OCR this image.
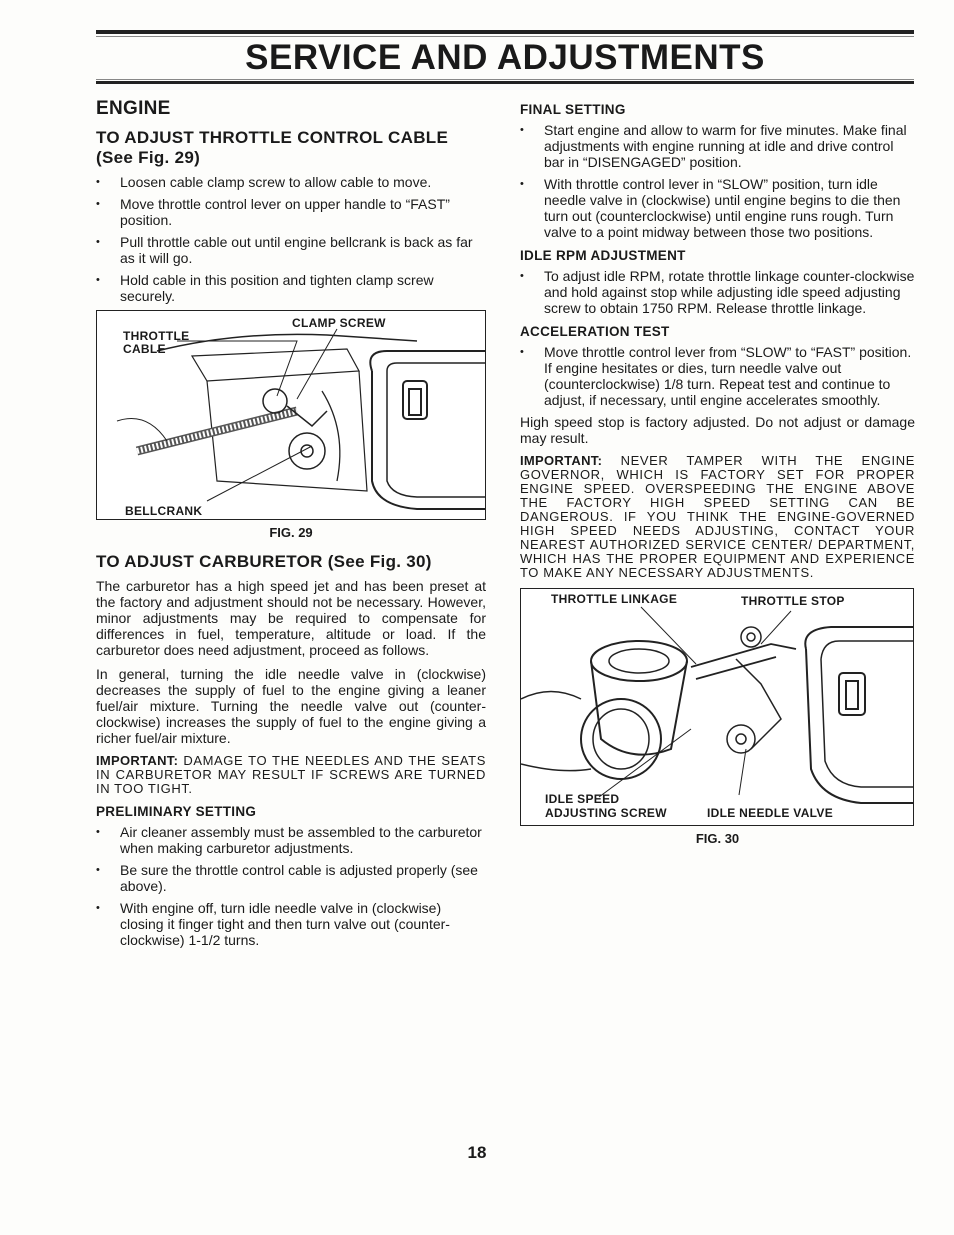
SERVICE AND ADJUSTMENTS
ENGINE
TO ADJUST THROTTLE CONTROL CABLE (See Fig. 29)
• Loosen cable clamp screw to allow cable to move.
• Move throttle control lever on upper handle to “FAST” position.
• Pull throttle cable out until engine bellcrank is back as far as it will go.
• Hold cable in this position and tighten clamp screw securely.
CLAMP SCREW
THROTTLE
CABLE
BELLCRANK
FIG. 29
TO ADJUST CARBURETOR (See Fig. 30)

The carburetor has a high speed jet and has been preset at the factory and adjustment should not be necessary. However, minor adjustments may be required to compensate for differences in fuel, temperature, altitude or load. If the carburetor does need adjustment, proceed as follows.

In general, turning the idle needle valve in (clockwise) decreases the supply of fuel to the engine giving a leaner fuel/air mixture. Turning the needle valve out (counter-clockwise) increases the supply of fuel to the engine giving a richer fuel/air mixture.

IMPORTANT: DAMAGE TO THE NEEDLES AND THE SEATS IN CARBURETOR MAY RESULT IF SCREWS ARE TURNED IN TOO TIGHT.

PRELIMINARY SETTING
• Air cleaner assembly must be assembled to the carburetor when making carburetor adjustments.
• Be sure the throttle control cable is adjusted properly (see above).
• With engine off, turn idle needle valve in (clockwise) closing it finger tight and then turn valve out (counter-clockwise) 1-1/2 turns.
FINAL SETTING
• Start engine and allow to warm for five minutes. Make final adjustments with engine running at idle and drive control bar in “DISENGAGED” position.
• With throttle control lever in “SLOW” position, turn idle needle valve in (clockwise) until engine begins to die then turn out (counterclockwise) until engine runs rough. Turn valve to a point midway between those two positions.
IDLE RPM ADJUSTMENT
• To adjust idle RPM, rotate throttle linkage counter-clockwise and hold against stop while adjusting idle speed adjusting screw to obtain 1750 RPM. Release throttle linkage.
ACCELERATION TEST
• Move throttle control lever from “SLOW” to “FAST” position. If engine hesitates or dies, turn needle valve out (counterclockwise) 1/8 turn. Repeat test and continue to adjust, if necessary, until engine accelerates smoothly.

High speed stop is factory adjusted. Do not adjust or damage may result.

IMPORTANT: NEVER TAMPER WITH THE ENGINE GOVERNOR, WHICH IS FACTORY SET FOR PROPER ENGINE SPEED. OVERSPEEDING THE ENGINE ABOVE THE FACTORY HIGH SPEED SETTING CAN BE DANGEROUS. IF YOU THINK THE ENGINE-GOVERNED HIGH SPEED NEEDS ADJUSTING, CONTACT YOUR NEAREST AUTHORIZED SERVICE CENTER/ DEPARTMENT, WHICH HAS THE PROPER EQUIPMENT AND EXPERIENCE TO MAKE ANY NECESSARY ADJUSTMENTS.

THROTTLE LINKAGE	THROTTLE STOP
IDLE SPEED
ADJUSTING SCREW	IDLE NEEDLE VALVE
FIG. 30
18
